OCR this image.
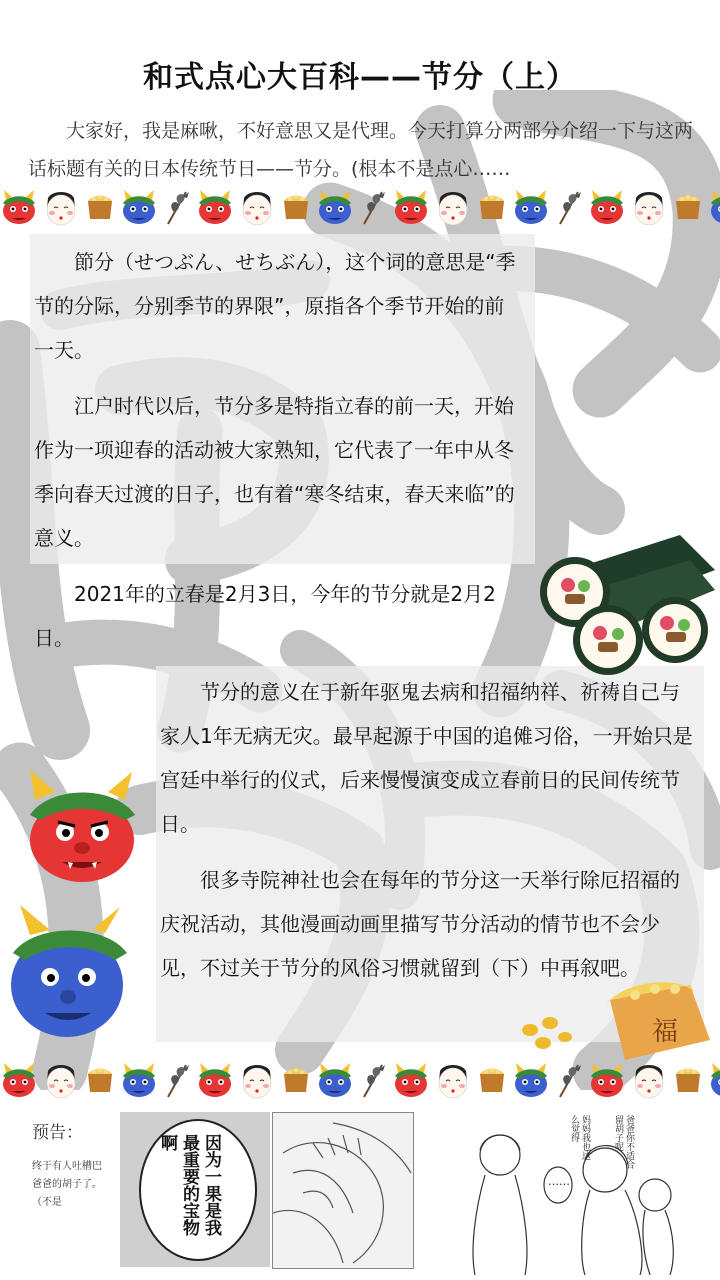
和式点心大百科——节分（上）

大家好，我是麻啾，不好意思又是代理。今天打算分两部分介绍一下与这两话标题有关的日本传统节日——节分。(根本不是点心……

節分（せつぶん、せちぶん），这个词的意思是“季节的分际，分别季节的界限”，原指各个季节开始的前一天。

江户时代以后，节分多是特指立春的前一天，开始作为一项迎春的活动被大家熟知，它代表了一年中从冬季向春天过渡的日子，也有着“寒冬结束，春天来临”的意义。

2021年的立春是2月3日，今年的节分就是2月2日。

节分的意义在于新年驱鬼去病和招福纳祥、祈祷自己与家人1年无病无灾。最早起源于中国的追傩习俗，一开始只是宫廷中举行的仪式，后来慢慢演变成立春前日的民间传统节日。

很多寺院神社也会在每年的节分这一天举行除厄招福的庆祝活动，其他漫画动画里描写节分活动的情节也不会少见，不过关于节分的风俗习惯就留到（下）中再叙吧。

福
预告：
终于有人吐槽巴爸爸的胡子了。（不是	因为一果是我最重要的宝物啊
……
妈妈我也这么觉得	爸爸你不适合留胡子呢
